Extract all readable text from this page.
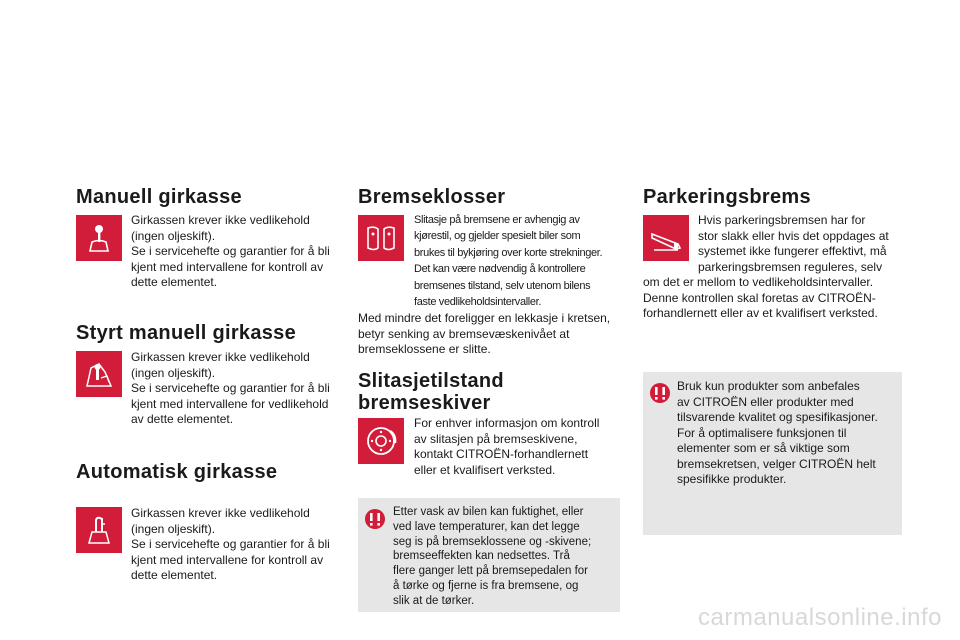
Manuell girkasse
Girkassen krever ikke vedlikehold
(ingen oljeskift).
Se i servicehefte og garantier for å bli
kjent med intervallene for kontroll av
dette elementet.
Styrt manuell girkasse
Girkassen krever ikke vedlikehold
(ingen oljeskift).
Se i servicehefte og garantier for å bli
kjent med intervallene for vedlikehold
av dette elementet.
Automatisk girkasse
Girkassen krever ikke vedlikehold
(ingen oljeskift).
Se i servicehefte og garantier for å bli
kjent med intervallene for kontroll av
dette elementet.
Bremseklosser
Slitasje på bremsene er avhengig av
kjørestil, og gjelder spesielt biler som
brukes til bykjøring over korte strekninger.
Det kan være nødvendig å kontrollere
bremsenes tilstand, selv utenom bilens
faste vedlikeholdsintervaller.
Med mindre det foreligger en lekkasje i kretsen,
betyr senking av bremsevæskenivået at
bremseklossene er slitte.
Slitasjetilstand
bremseskiver
For enhver informasjon om kontroll
av slitasjen på bremseskivene,
kontakt CITROËN-forhandlernett
eller et kvalifisert verksted.
Etter vask av bilen kan fuktighet, eller
ved lave temperaturer, kan det legge
seg is på bremseklossene og -skivene;
bremseeffekten kan nedsettes. Trå
flere ganger lett på bremsepedalen for
å tørke og fjerne is fra bremsene, og
slik at de tørker.
Parkeringsbrems
Hvis parkeringsbremsen har for
stor slakk eller hvis det oppdages at
systemet ikke fungerer effektivt, må
parkeringsbremsen reguleres, selv
om det er mellom to vedlikeholdsintervaller.
Denne kontrollen skal foretas av CITROËN-
forhandlernett eller av et kvalifisert verksted.
Bruk kun produkter som anbefales
av CITROËN eller produkter med
tilsvarende kvalitet og spesifikasjoner.
For å optimalisere funksjonen til
elementer som er så viktige som
bremsekretsen, velger CITROËN helt
spesifikke produkter.
carmanualsonline.info
